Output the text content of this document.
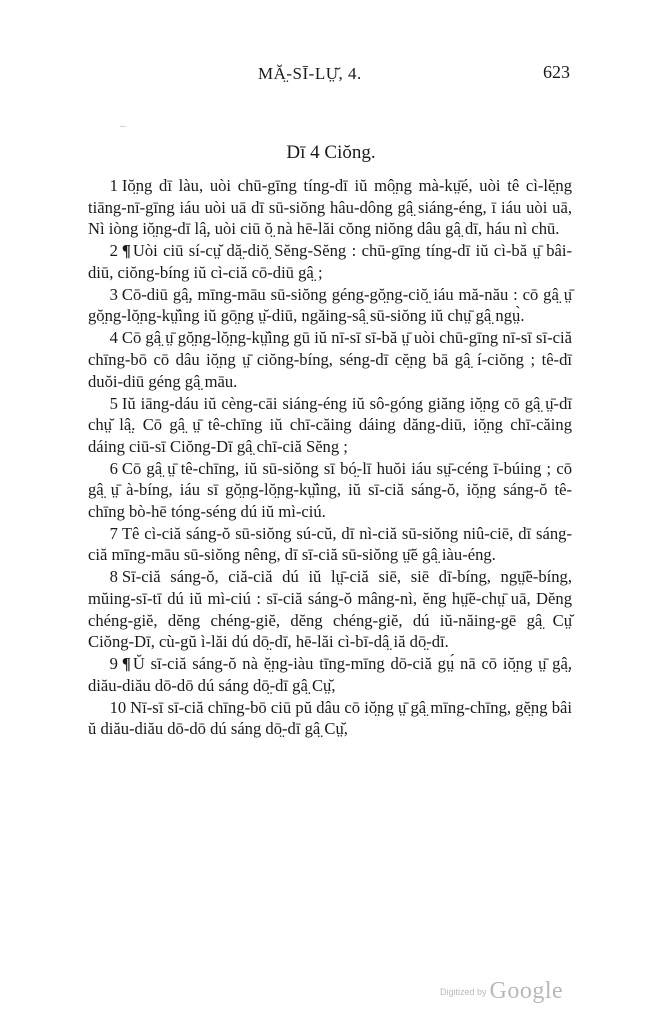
MĂ̤-SĪ-LṲ̆, 4.	623
Dī 4 Ciŏng.

1 Iŏ̤ng dī làu, uòi chū-gīng tíng-dī iŭ mô̤ng mà-kṳ̄é, uòi tê cì-lĕ̤ng tiāng-nī-gīng iáu uòi uā dī sū-siŏng hâu-dông gâ̤ siáng-éng, ī iáu uòi uā, Nì iòng iŏ̤ng-dī lâ̤, uòi ciū ŏ̤ nà hē-lăi cŏng niŏng dâu gâ̤ dī, háu nì chū.

2 ¶ Uòi ciū sí-cṳ̆ dă̤-diŏ̤ Sĕng-Sĕng : chū-gīng tíng-dī iŭ cì-bă ṳ̄ bâi-diū, ciŏng-bíng iŭ cì-ciă cō-diū gâ̤ ;

3 Cō-diū gâ̤, mīng-māu sū-siŏng géng-gŏ̤ng-ciŏ̤ iáu mă-nău : cō gâ̤ ṳ̄ gŏ̤ng-lŏ̤ng-kṳ̆ìng iŭ gō̤ng ṳ̆-diū, ngăing-sâ̤ sū-siŏng iŭ chṳ̄ gâ̤ ngṳ̀.

4 Cō gâ̤ ṳ̄ gŏ̤ng-lŏ̤ng-kṳ̆ìng gū iŭ nī-sī sī-bă ṳ̄ uòi chū-gīng nī-sī sī-ciă chīng-bō cō dâu iŏ̤ng ṳ̄ ciŏng-bíng, séng-dī cĕ̤ng bā gâ̤ í-ciŏng ; tê-dī duŏi-diū géng gâ̤ māu.

5 Iŭ iāng-dáu iŭ cèng-cāi siáng-éng iŭ sô-góng giăng iŏ̤ng cō gâ̤ ṳ̄-dī chṳ̆ lâ̤. Cō gâ̤ ṳ̄ tê-chīng iŭ chī-căing dáing dăng-diū, iŏ̤ng chī-căing dáing ciū-sī Ciŏng-Dī gâ̤ chī-ciă Sĕng ;

6 Cō gâ̤ ṳ̄ tê-chīng, iŭ sū-siŏng sī bó̤-lī huŏi iáu sṳ̄-céng ī-búing ; cō gâ̤ ṳ̄ à-bíng, iáu sī gŏ̤ng-lŏ̤ng-kṳ̆ìng, iŭ sī-ciă sáng-ŏ, iŏ̤ng sáng-ŏ tê-chīng bò-hē tóng-séng dú iŭ mì-ciú.

7 Tê cì-ciă sáng-ŏ sū-siŏng sú-cŭ, dī nì-ciă sū-siŏng niû-ciē, dī sáng-ciă mīng-māu sū-siŏng nêng, dī sī-ciă sū-siŏng ṳ̄ĕ gâ̤ iàu-éng.

8 Sī-ciă sáng-ŏ, ciă-ciă dú iŭ lṳ̄-ciă siē, siē dī-bíng, ngṳ̄ĕ-bíng, mŭing-sī-tī dú iŭ mì-ciú : sī-ciă sáng-ŏ mâng-nì, ĕng hṳ̄ĕ-chṳ̄ uā, Dĕng chéng-giĕ, dĕng chéng-giĕ, dĕng chéng-giĕ, dú iŭ-năing-gē gâ̤ Cṳ̆ Ciŏng-Dī, cù-gŭ ì-lăi dú dō̤-dī, hē-lăi cì-bī-dâ̤ iă dō̤-dī.

9 ¶ Ŭ sī-ciă sáng-ŏ nà ĕ̤ng-iàu tīng-mīng dō-ciă gṳ́ nā cō iŏ̤ng ṳ̄ gâ̤, diău-diău dō-dō dú sáng dō̤-dī gâ̤ Cṳ̆,

10 Nī-sī sī-ciă chīng-bō ciū pŭ dâu cō iŏ̤ng ṳ̄ gâ̤ mīng-chīng, gĕ̤ng bâi ŭ diău-diău dō-dō dú sáng dō̤-dī gâ̤ Cṳ̆,

Digitized by Google
